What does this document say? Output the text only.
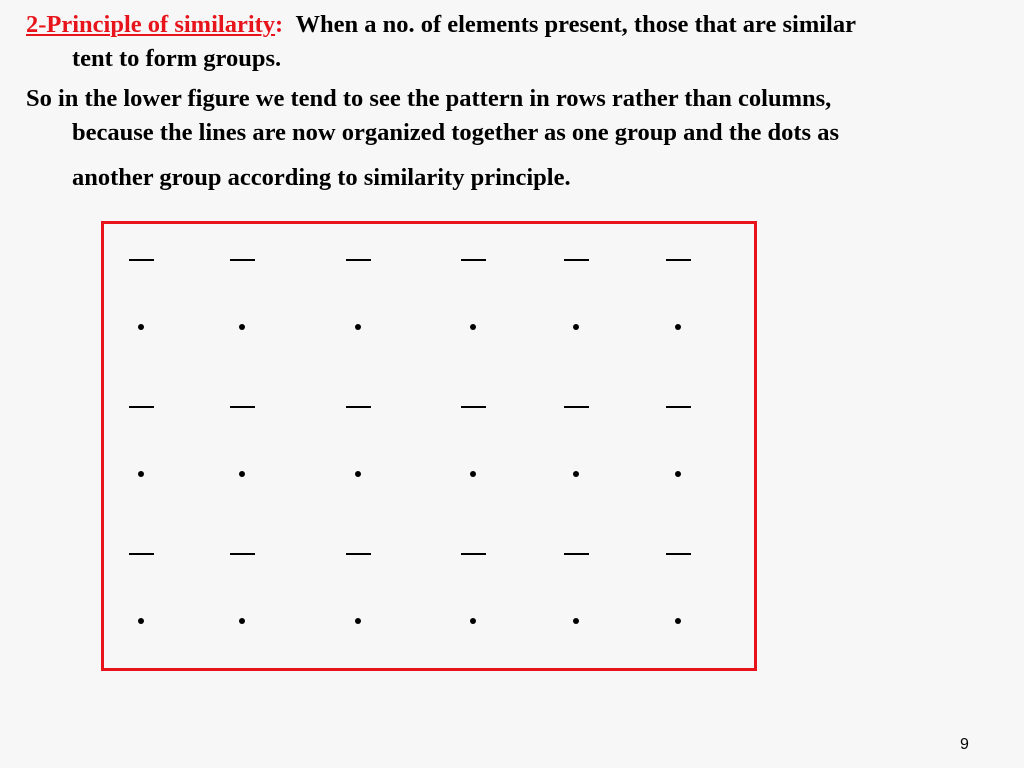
2-Principle of similarity: When a no. of elements present, those that are similar
tent to form groups.
So in the lower figure we tend to see the pattern in rows rather than columns,
because the lines are now organized together as one group and the dots as
another group according to similarity principle.
9
